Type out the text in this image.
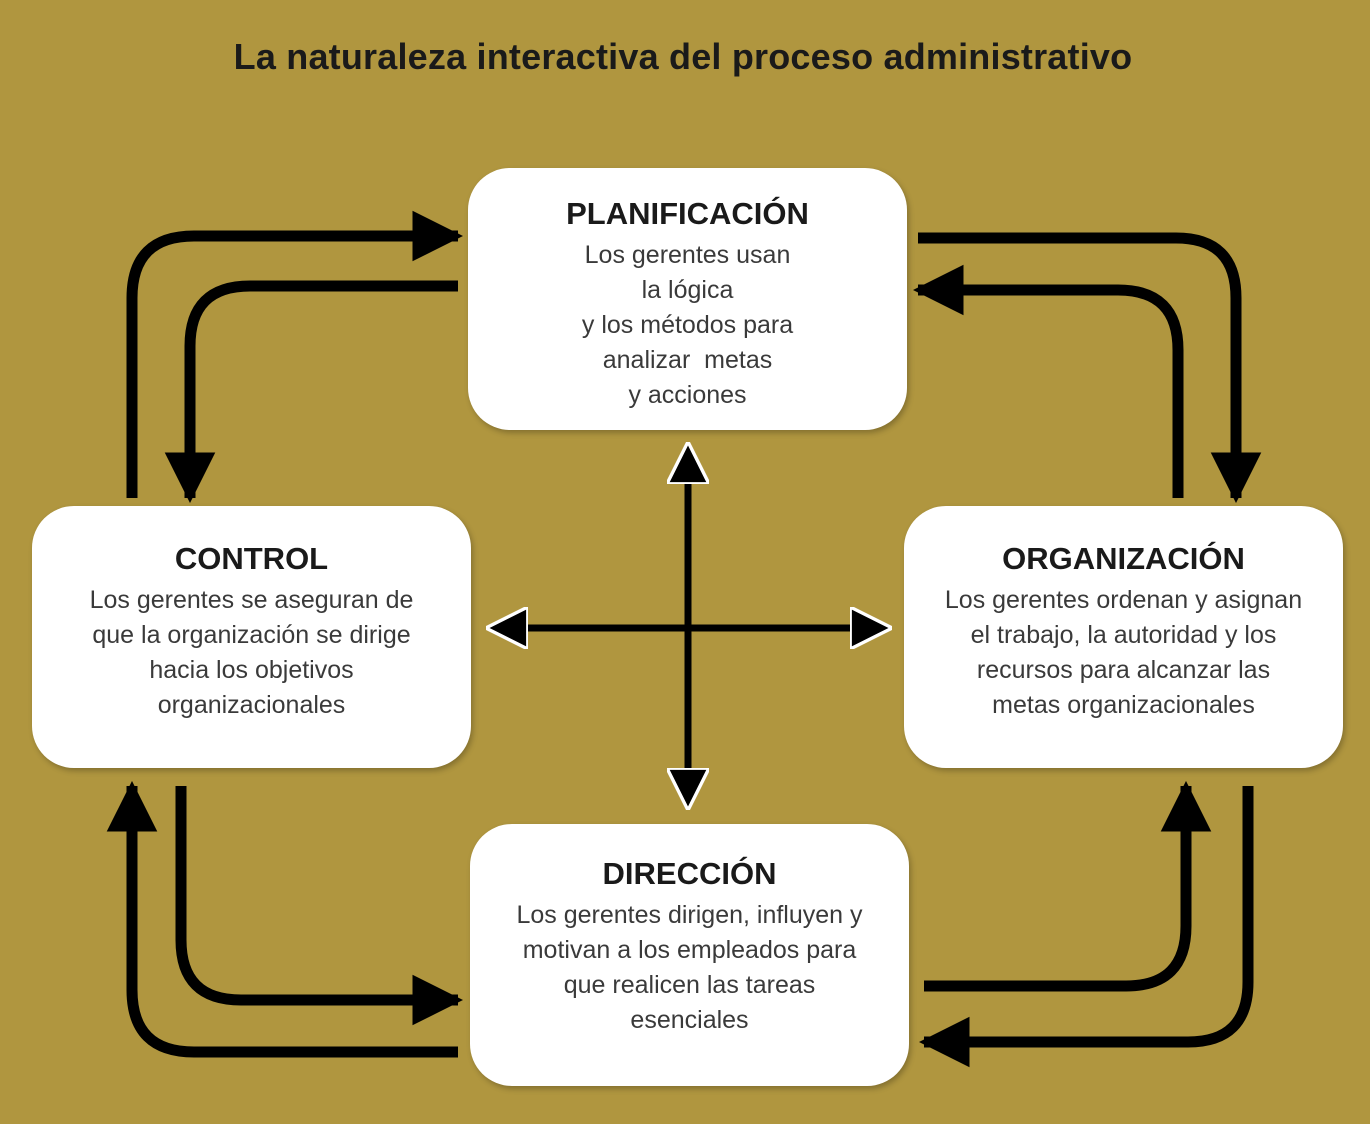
La naturaleza interactiva del proceso administrativo
PLANIFICACIÓN
Los gerentes usan
la lógica
y los métodos para
analizar  metas
y acciones
CONTROL
Los gerentes se aseguran de
que la organización se dirige
hacia los objetivos
organizacionales
ORGANIZACIÓN
Los gerentes ordenan y asignan
el trabajo, la autoridad y los
recursos para alcanzar las
metas organizacionales
DIRECCIÓN
Los gerentes dirigen, influyen y
motivan a los empleados para
que realicen las tareas
esenciales
